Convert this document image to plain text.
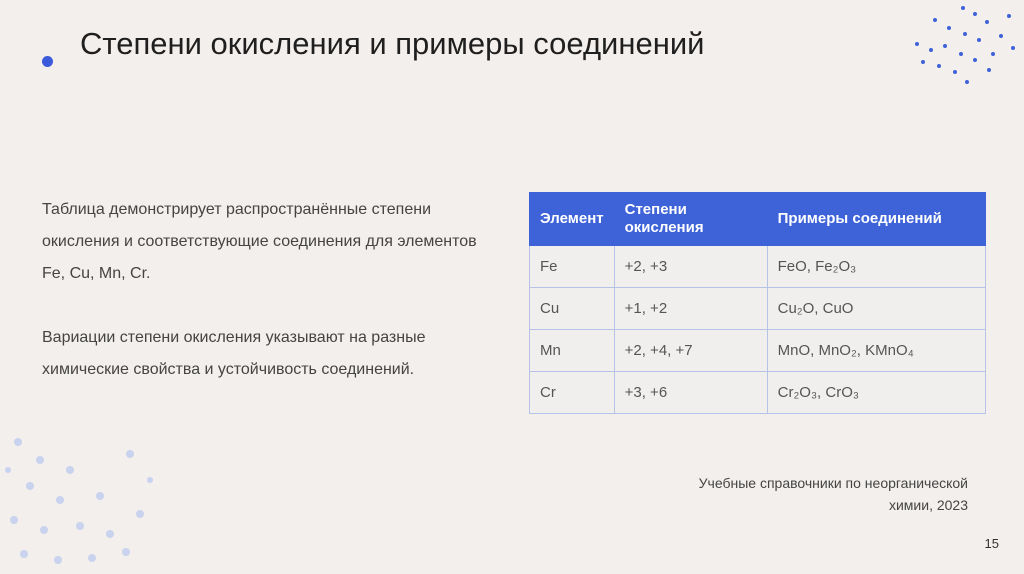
Степени окисления и примеры соединений

Таблица демонстрирует распространённые степени окисления и соответствующие соединения для элементов Fe, Cu, Mn, Cr.

Вариации степени окисления указывают на разные химические свойства и устойчивость соединений.

Элемент	Степени окисления	Примеры соединений
Fe	+2, +3	FeO, Fe₂O₃
Cu	+1, +2	Cu₂O, CuO
Mn	+2, +4, +7	MnO, MnO₂, KMnO₄
Cr	+3, +6	Cr₂O₃, CrO₃
Учебные справочники по неорганической
химии, 2023
15
